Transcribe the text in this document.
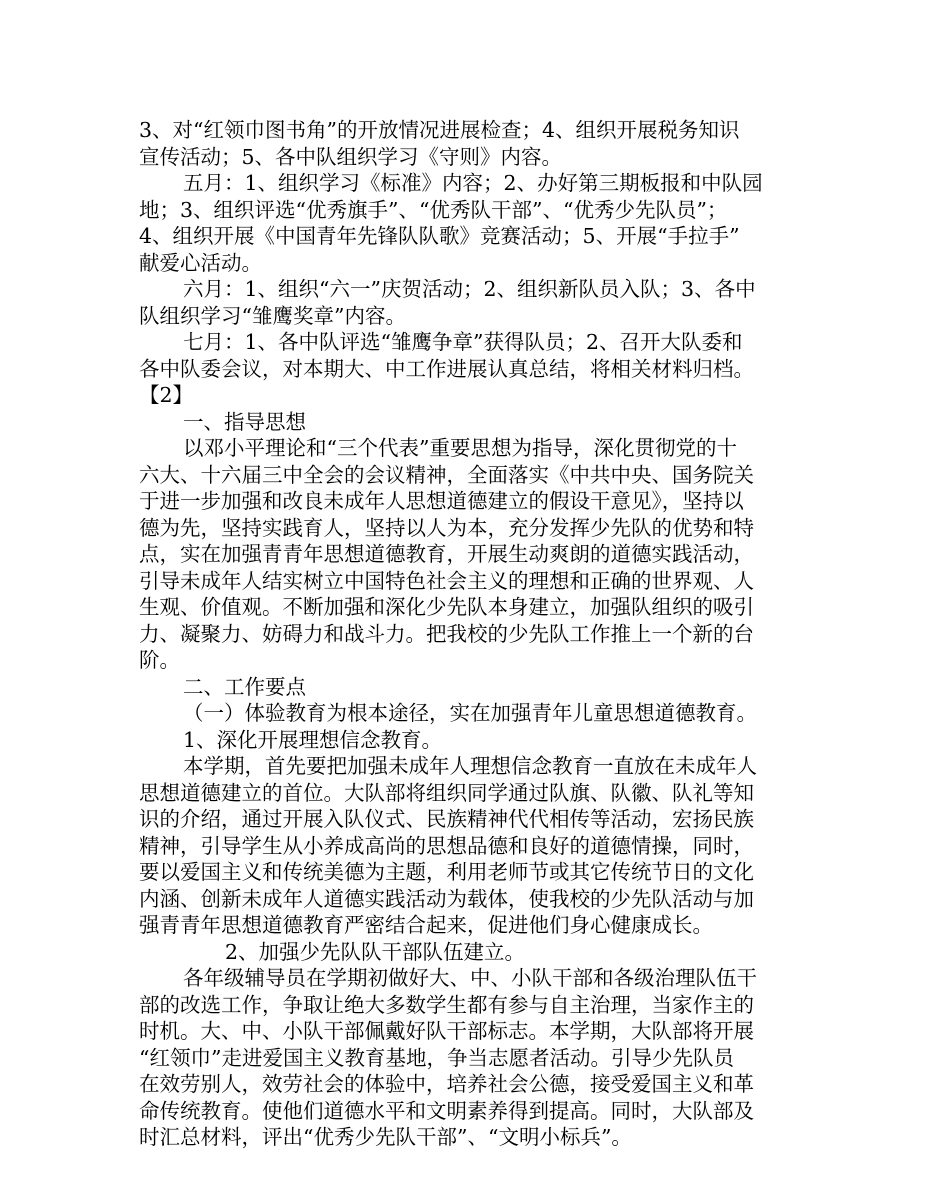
3、对“红领巾图书角”的开放情况进展检查；4、组织开展税务知识
宣传活动；5、各中队组织学习《守则》内容。
五月：1、组织学习《标准》内容；2、办好第三期板报和中队园
地；3、组织评选“优秀旗手”、“优秀队干部”、“优秀少先队员”；
4、组织开展《中国青年先锋队队歌》竞赛活动；5、开展“手拉手”
献爱心活动。
六月：1、组织“六一”庆贺活动；2、组织新队员入队；3、各中
队组织学习“雏鹰奖章”内容。
七月：1、各中队评选“雏鹰争章”获得队员；2、召开大队委和
各中队委会议，对本期大、中工作进展认真总结，将相关材料归档。
【2】
一、指导思想
以邓小平理论和“三个代表”重要思想为指导，深化贯彻党的十
六大、十六届三中全会的会议精神，全面落实《中共中央、国务院关
于进一步加强和改良未成年人思想道德建立的假设干意见》，坚持以
德为先，坚持实践育人，坚持以人为本，充分发挥少先队的优势和特
点，实在加强青青年思想道德教育，开展生动爽朗的道德实践活动，
引导未成年人结实树立中国特色社会主义的理想和正确的世界观、人
生观、价值观。不断加强和深化少先队本身建立，加强队组织的吸引
力、凝聚力、妨碍力和战斗力。把我校的少先队工作推上一个新的台
阶。
二、工作要点
（一）体验教育为根本途径，实在加强青年儿童思想道德教育。
1、深化开展理想信念教育。
本学期，首先要把加强未成年人理想信念教育一直放在未成年人
思想道德建立的首位。大队部将组织同学通过队旗、队徽、队礼等知
识的介绍，通过开展入队仪式、民族精神代代相传等活动，宏扬民族
精神，引导学生从小养成高尚的思想品德和良好的道德情操，同时，
要以爱国主义和传统美德为主题，利用老师节或其它传统节日的文化
内涵、创新未成年人道德实践活动为载体，使我校的少先队活动与加
强青青年思想道德教育严密结合起来，促进他们身心健康成长。
2、加强少先队队干部队伍建立。
各年级辅导员在学期初做好大、中、小队干部和各级治理队伍干
部的改选工作，争取让绝大多数学生都有参与自主治理，当家作主的
时机。大、中、小队干部佩戴好队干部标志。本学期，大队部将开展
“红领巾”走进爱国主义教育基地，争当志愿者活动。引导少先队员
在效劳别人，效劳社会的体验中，培养社会公德，接受爱国主义和革
命传统教育。使他们道德水平和文明素养得到提高。同时，大队部及
时汇总材料，评出“优秀少先队干部”、“文明小标兵”。
